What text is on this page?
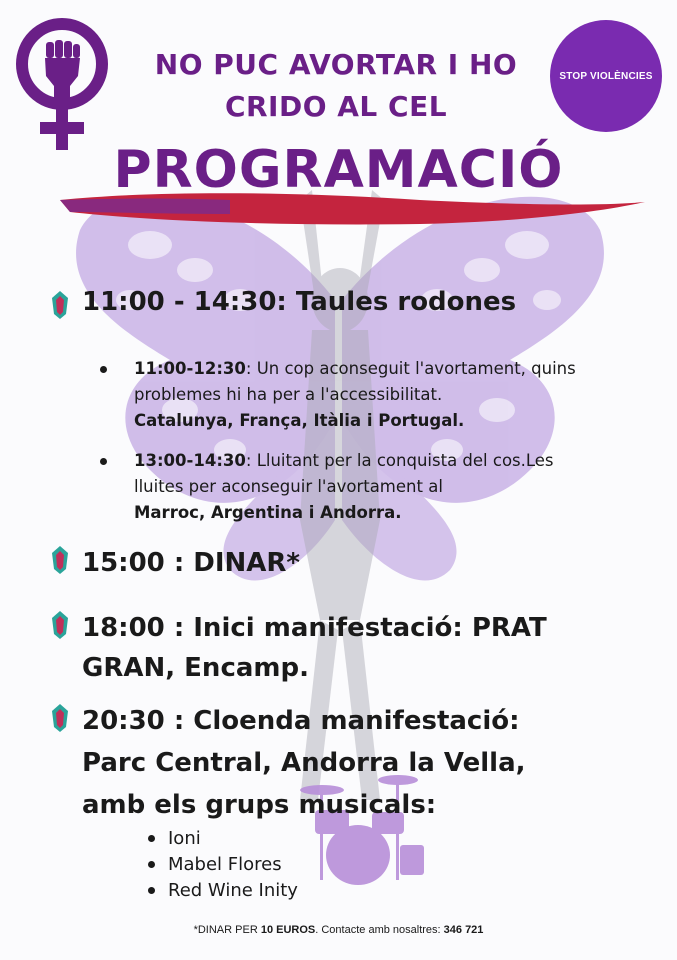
NO PUC AVORTAR I HO
CRIDO AL CEL
STOP VIOLÈNCIES
PROGRAMACIÓ
11:00 - 14:30: Taules rodones
11:00-12:30: Un cop aconseguit l'avortament, quins problemes hi ha per a l'accessibilitat.
Catalunya, França, Itàlia i Portugal.
13:00-14:30: Lluitant per la conquista del cos.Les lluites per aconseguir l'avortament al
Marroc, Argentina i Andorra.
15:00 : DINAR*
18:00 : Inici manifestació: PRAT
GRAN, Encamp.
20:30 : Cloenda manifestació:
Parc Central, Andorra la Vella,
amb els grups musicals:
Ioni
Mabel Flores
Red Wine Inity
*DINAR PER 10 EUROS. Contacte amb nosaltres: 346 721
